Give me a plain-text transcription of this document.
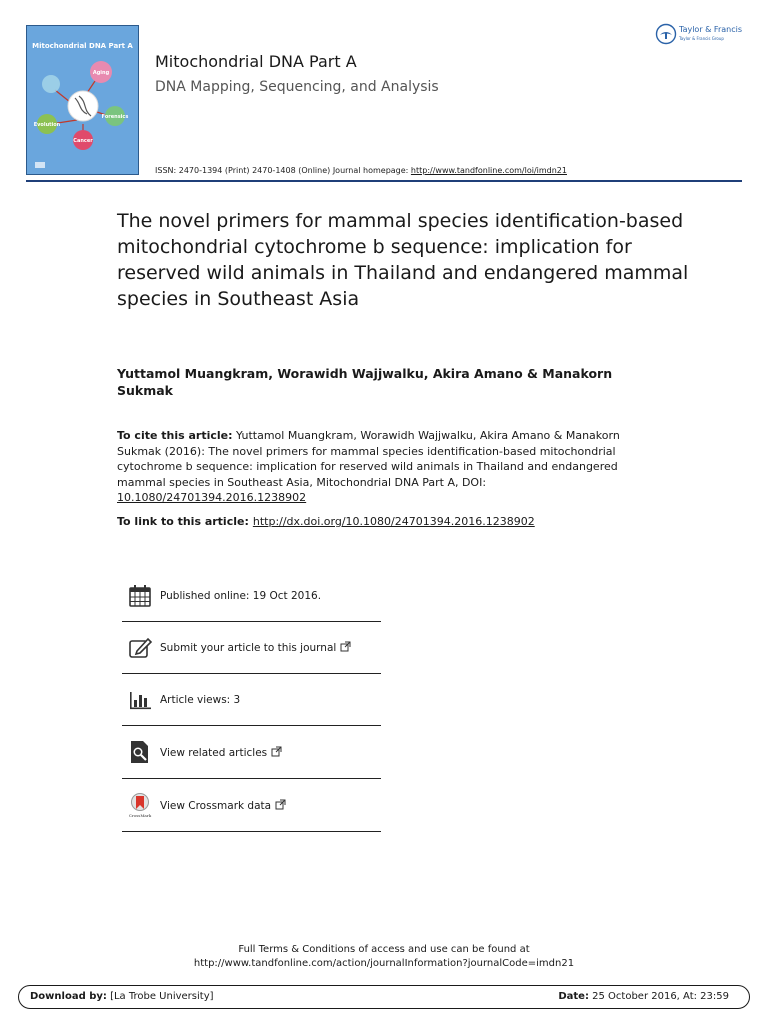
Mitochondrial DNA Part A
Aging
Evolution
Forensics
Cancer
Mitochondrial DNA Part A
DNA Mapping, Sequencing, and Analysis
ISSN: 2470-1394 (Print) 2470-1408 (Online) Journal homepage: http://www.tandfonline.com/loi/imdn21
Taylor & Francis
Taylor & Francis Group
The novel primers for mammal species identification-based mitochondrial cytochrome b sequence: implication for reserved wild animals in Thailand and endangered mammal species in Southeast Asia
Yuttamol Muangkram, Worawidh Wajjwalku, Akira Amano & Manakorn Sukmak
To cite this article: Yuttamol Muangkram, Worawidh Wajjwalku, Akira Amano & Manakorn Sukmak (2016): The novel primers for mammal species identification-based mitochondrial cytochrome b sequence: implication for reserved wild animals in Thailand and endangered mammal species in Southeast Asia, Mitochondrial DNA Part A, DOI: 10.1080/24701394.2016.1238902
To link to this article: http://dx.doi.org/10.1080/24701394.2016.1238902
Published online: 19 Oct 2016.
Submit your article to this journal
Article views: 3
View related articles
CrossMark
View Crossmark data
Full Terms & Conditions of access and use can be found at
http://www.tandfonline.com/action/journalInformation?journalCode=imdn21
Download by: [La Trobe University]	Date: 25 October 2016, At: 23:59
